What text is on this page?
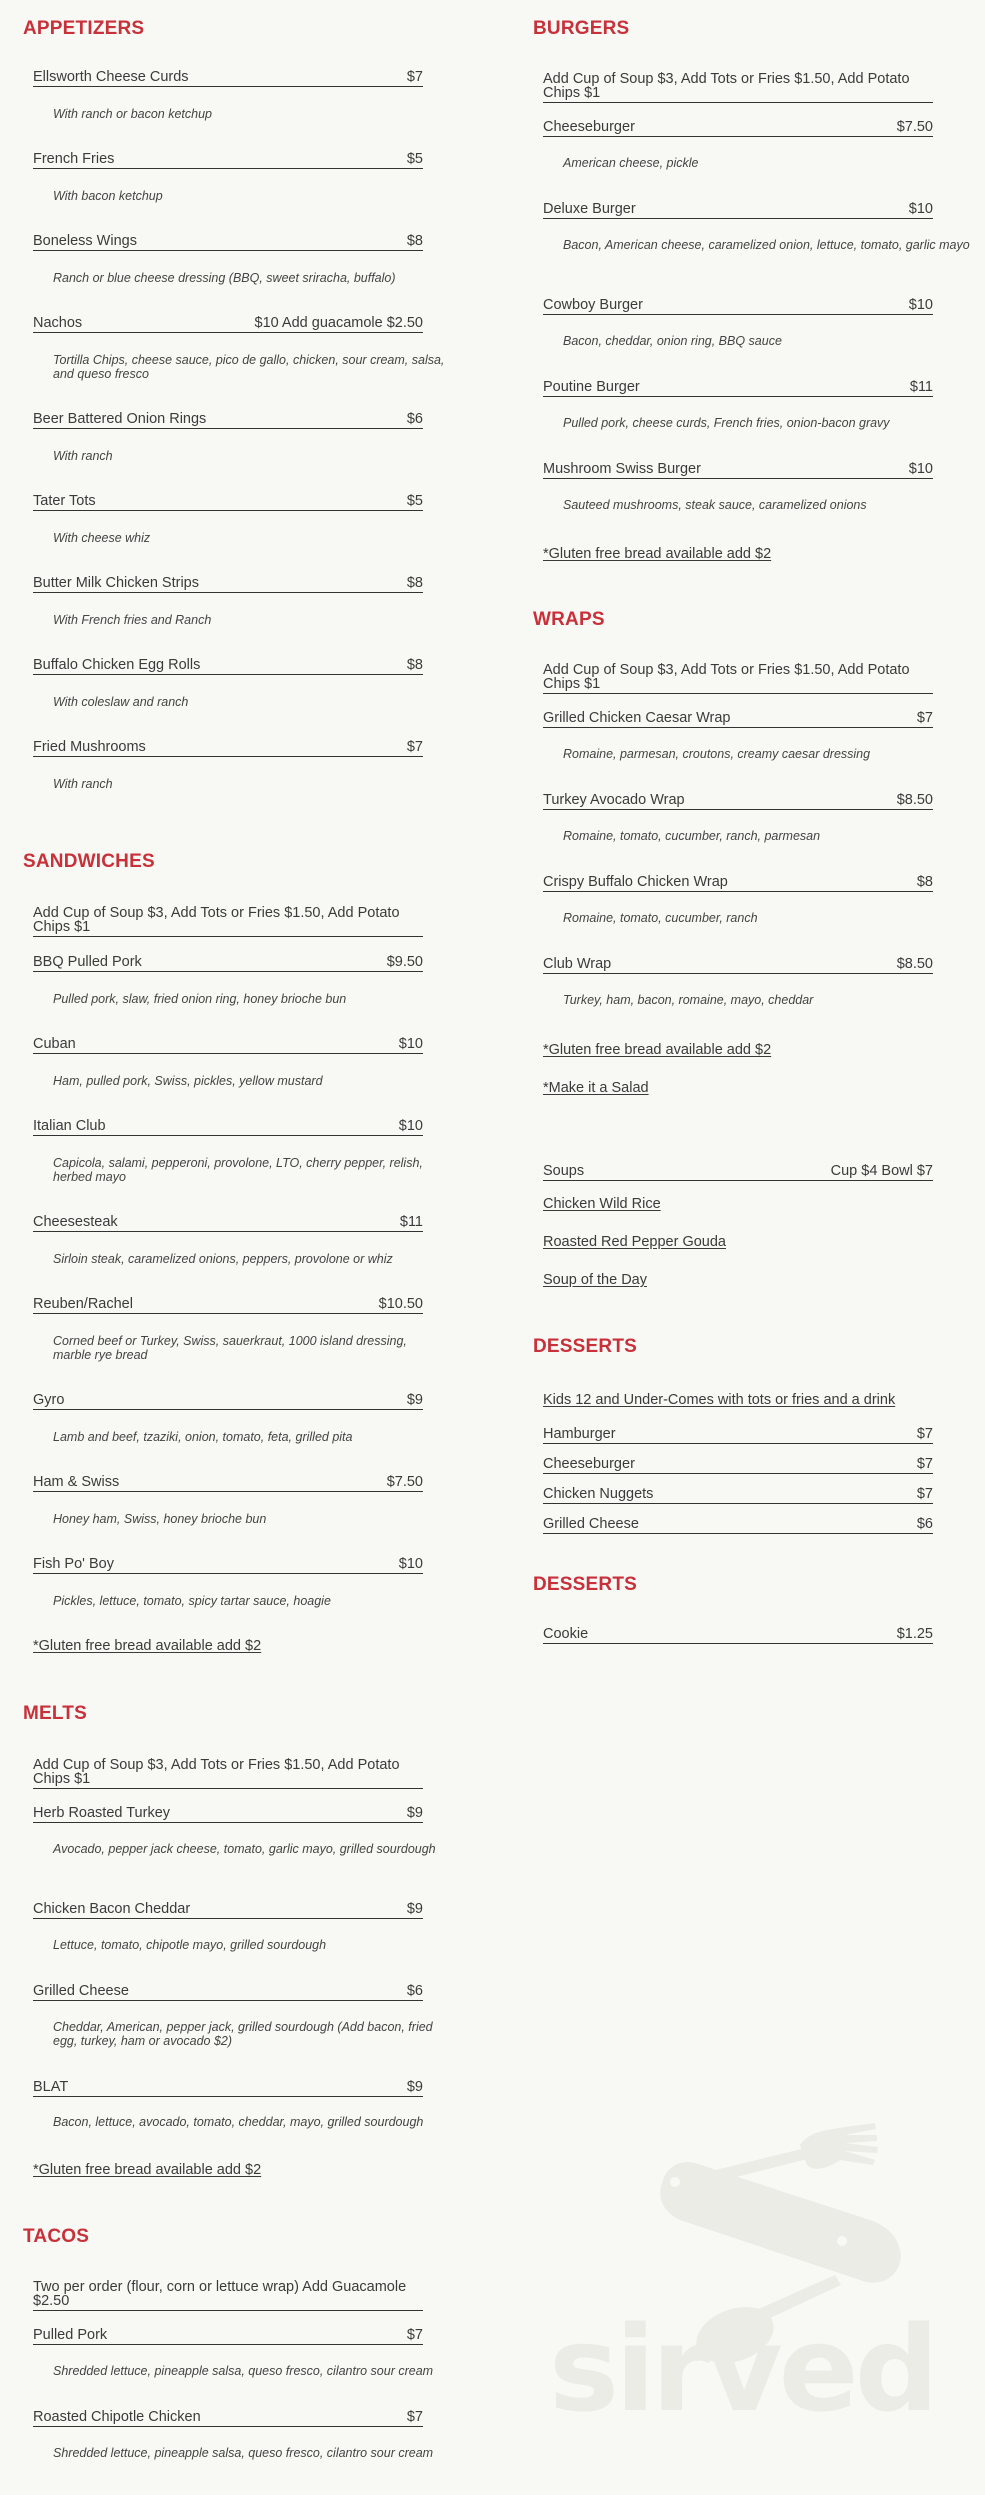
APPETIZERS
Ellsworth Cheese Curds	$7
With ranch or bacon ketchup
French Fries	$5
With bacon ketchup
Boneless Wings	$8
Ranch or blue cheese dressing (BBQ, sweet sriracha, buffalo)
Nachos	$10 Add guacamole $2.50
Tortilla Chips, cheese sauce, pico de gallo, chicken, sour cream, salsa, and queso fresco
Beer Battered Onion Rings	$6
With ranch
Tater Tots	$5
With cheese whiz
Butter Milk Chicken Strips	$8
With French fries and Ranch
Buffalo Chicken Egg Rolls	$8
With coleslaw and ranch
Fried Mushrooms	$7
With ranch
SANDWICHES
Add Cup of Soup $3, Add Tots or Fries $1.50, Add Potato Chips $1
BBQ Pulled Pork	$9.50
Pulled pork, slaw, fried onion ring, honey brioche bun
Cuban	$10
Ham, pulled pork, Swiss, pickles, yellow mustard
Italian Club	$10
Capicola, salami, pepperoni, provolone, LTO, cherry pepper, relish, herbed mayo
Cheesesteak	$11
Sirloin steak, caramelized onions, peppers, provolone or whiz
Reuben/Rachel	$10.50
Corned beef or Turkey, Swiss, sauerkraut, 1000 island dressing, marble rye bread
Gyro	$9
Lamb and beef, tzaziki, onion, tomato, feta, grilled pita
Ham & Swiss	$7.50
Honey ham, Swiss, honey brioche bun
Fish Po' Boy	$10
Pickles, lettuce, tomato, spicy tartar sauce, hoagie
*Gluten free bread available add $2
MELTS
Add Cup of Soup $3, Add Tots or Fries $1.50, Add Potato Chips $1
Herb Roasted Turkey	$9
Avocado, pepper jack cheese, tomato, garlic mayo, grilled sourdough
Chicken Bacon Cheddar	$9
Lettuce, tomato, chipotle mayo, grilled sourdough
Grilled Cheese	$6
Cheddar, American, pepper jack, grilled sourdough (Add bacon, fried egg, turkey, ham or avocado $2)
BLAT	$9
Bacon, lettuce, avocado, tomato, cheddar, mayo, grilled sourdough
*Gluten free bread available add $2
TACOS
Two per order (flour, corn or lettuce wrap) Add Guacamole $2.50
Pulled Pork	$7
Shredded lettuce, pineapple salsa, queso fresco, cilantro sour cream
Roasted Chipotle Chicken	$7
Shredded lettuce, pineapple salsa, queso fresco, cilantro sour cream
BURGERS
Add Cup of Soup $3, Add Tots or Fries $1.50, Add Potato Chips $1
Cheeseburger	$7.50
American cheese, pickle
Deluxe Burger	$10
Bacon, American cheese, caramelized onion, lettuce, tomato, garlic mayo
Cowboy Burger	$10
Bacon, cheddar, onion ring, BBQ sauce
Poutine Burger	$11
Pulled pork, cheese curds, French fries, onion-bacon gravy
Mushroom Swiss Burger	$10
Sauteed mushrooms, steak sauce, caramelized onions
*Gluten free bread available add $2
WRAPS
Add Cup of Soup $3, Add Tots or Fries $1.50, Add Potato Chips $1
Grilled Chicken Caesar Wrap	$7
Romaine, parmesan, croutons, creamy caesar dressing
Turkey Avocado Wrap	$8.50
Romaine, tomato, cucumber, ranch, parmesan
Crispy Buffalo Chicken Wrap	$8
Romaine, tomato, cucumber, ranch
Club Wrap	$8.50
Turkey, ham, bacon, romaine, mayo, cheddar
*Gluten free bread available add $2
*Make it a Salad
Soups	Cup $4 Bowl $7
Chicken Wild Rice
Roasted Red Pepper Gouda
Soup of the Day
DESSERTS
Kids 12 and Under-Comes with tots or fries and a drink
Hamburger	$7
Cheeseburger	$7
Chicken Nuggets	$7
Grilled Cheese	$6
DESSERTS
Cookie	$1.25
sirved
